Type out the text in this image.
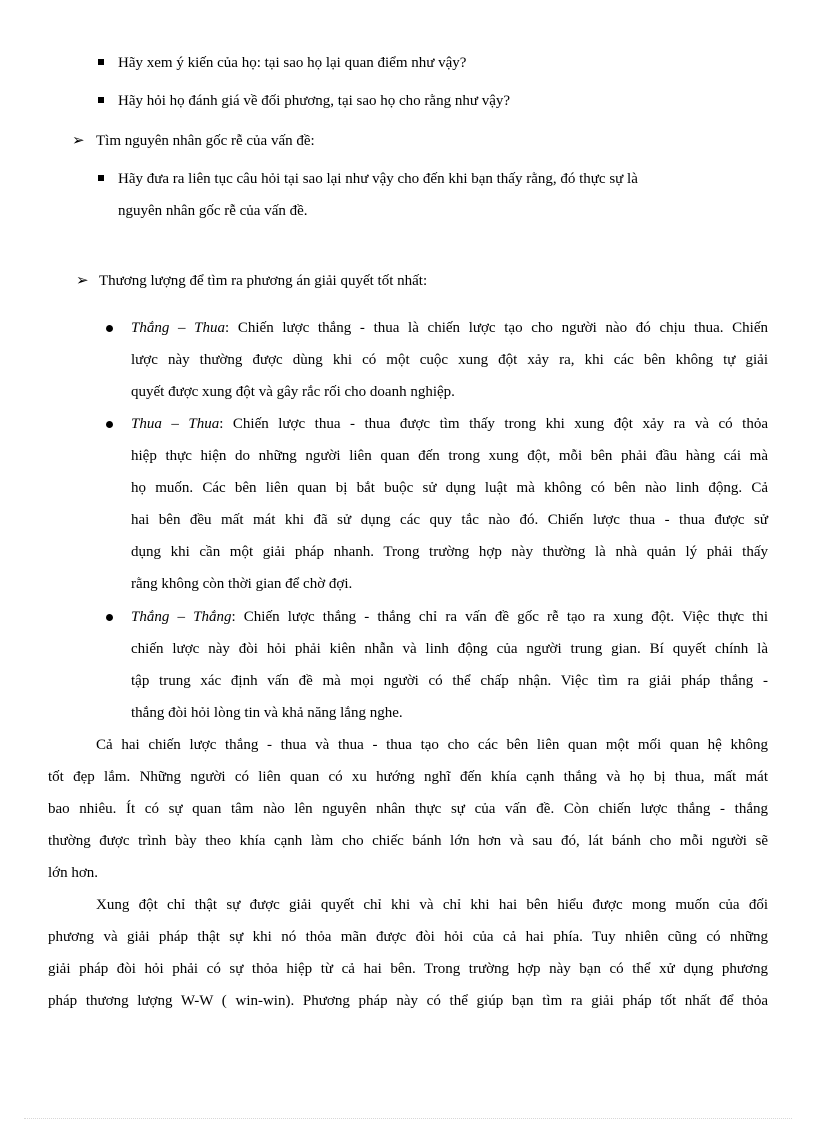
Hãy xem ý kiến của họ: tại sao họ lại quan điểm như vậy?
Hãy hỏi họ đánh giá về đối phương, tại sao họ cho rằng như vậy?
➢ Tìm nguyên nhân gốc rễ của vấn đề:
Hãy đưa ra liên tục câu hỏi tại sao lại như vậy cho đến khi bạn thấy rằng, đó thực sự là
nguyên nhân gốc rễ của vấn đề.
➢ Thương lượng để tìm ra phương án giải quyết tốt nhất:
Thắng – Thua: Chiến lược thắng - thua là chiến lược tạo cho người nào đó chịu thua. Chiến
lược này thường được dùng khi có một cuộc xung đột xảy ra, khi các bên không tự giải
quyết được xung đột và gây rắc rối cho doanh nghiệp.
Thua – Thua: Chiến lược thua - thua được tìm thấy trong khi xung đột xảy ra và có thỏa
hiệp thực hiện do những người liên quan đến trong xung đột, mỗi bên phải đầu hàng cái mà
họ muốn. Các bên liên quan bị bắt buộc sử dụng luật mà không có bên nào linh động. Cả
hai bên đều mất mát khi đã sử dụng các quy tắc nào đó. Chiến lược thua - thua được sử
dụng khi cần một giải pháp nhanh. Trong trường hợp này thường là nhà quản lý phải thấy
rằng không còn thời gian để chờ đợi.
Thắng – Thắng: Chiến lược thắng - thắng chỉ ra vấn đề gốc rễ tạo ra xung đột. Việc thực thi
chiến lược này đòi hỏi phải kiên nhẫn và linh động của người trung gian. Bí quyết chính là
tập trung xác định vấn đề mà mọi người có thể chấp nhận. Việc tìm ra giải pháp thắng -
thắng đòi hỏi lòng tin và khả năng lắng nghe.
Cả hai chiến lược thắng - thua và thua - thua tạo cho các bên liên quan một mối quan hệ không
tốt đẹp lắm. Những người có liên quan có xu hướng nghĩ đến khía cạnh thắng và họ bị thua, mất mát
bao nhiêu. Ít có sự quan tâm nào lên nguyên nhân thực sự của vấn đề. Còn chiến lược thắng - thắng
thường được trình bày theo khía cạnh làm cho chiếc bánh lớn hơn và sau đó, lát bánh cho mỗi người sẽ
lớn hơn.
Xung đột chỉ thật sự được giải quyết chỉ khi và chỉ khi hai bên hiểu được mong muốn của đối
phương và giải pháp thật sự khi nó thỏa mãn được đòi hỏi của cả hai phía. Tuy nhiên cũng có những
giải pháp đòi hỏi phải có sự thỏa hiệp từ cả hai bên. Trong trường hợp này bạn có thể xử dụng phương
pháp thương lượng W-W ( win-win). Phương pháp này có thể giúp bạn tìm ra giải pháp tốt nhất để thỏa
